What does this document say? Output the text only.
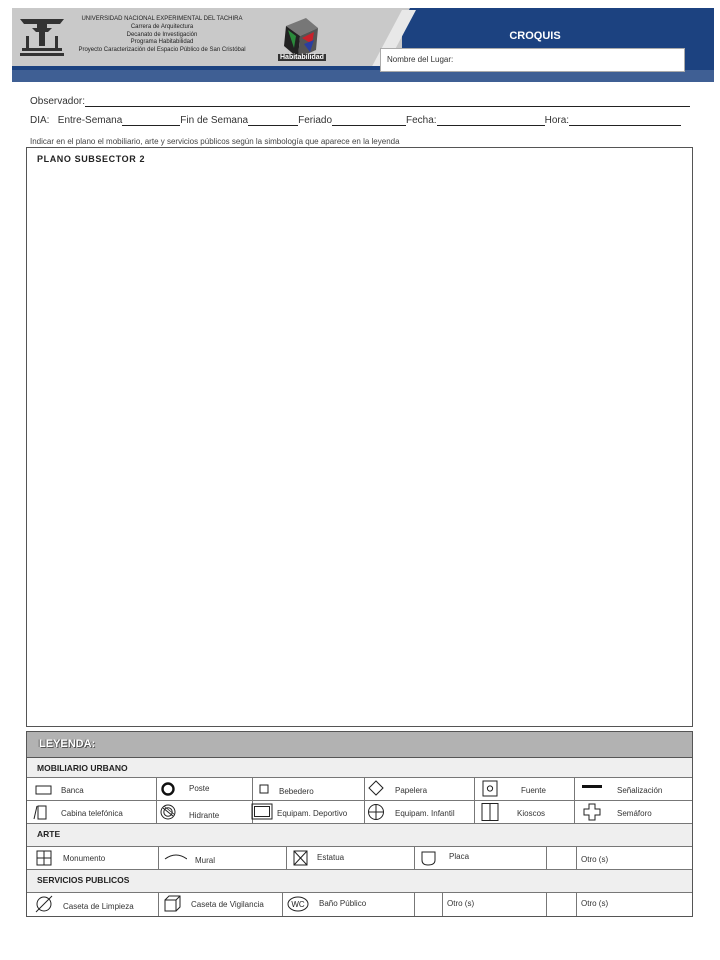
UNIVERSIDAD NACIONAL EXPERIMENTAL DEL TACHIRA
Carrera de Arquitectura
Decanato de Investigación
Programa Habitabilidad
Proyecto Caracterización del Espacio Público de San Cristóbal
Habitabilidad
CROQUIS
Nombre del Lugar:
Observador:
DIA: Entre-Semana	Fin de Semana	Feriado	Fecha:	Hora:
Indicar en el plano el mobiliario, arte y servicios públicos según la simbología que aparece en la leyenda
PLANO SUBSECTOR 2
LEYENDA:
MOBILIARIO URBANO
Banca	Poste	Bebedero	Papelera	Fuente	Señalización
Cabina telefónica	Hidrante	Equipam. Deportivo	Equipam. Infantil	Kioscos	Semáforo
ARTE
Monumento	Mural	Estatua	Placa	Otro (s)
SERVICIOS PUBLICOS
Caseta de Limpieza	Caseta de Vigilancia	WC Baño Público	Otro (s)	Otro (s)
